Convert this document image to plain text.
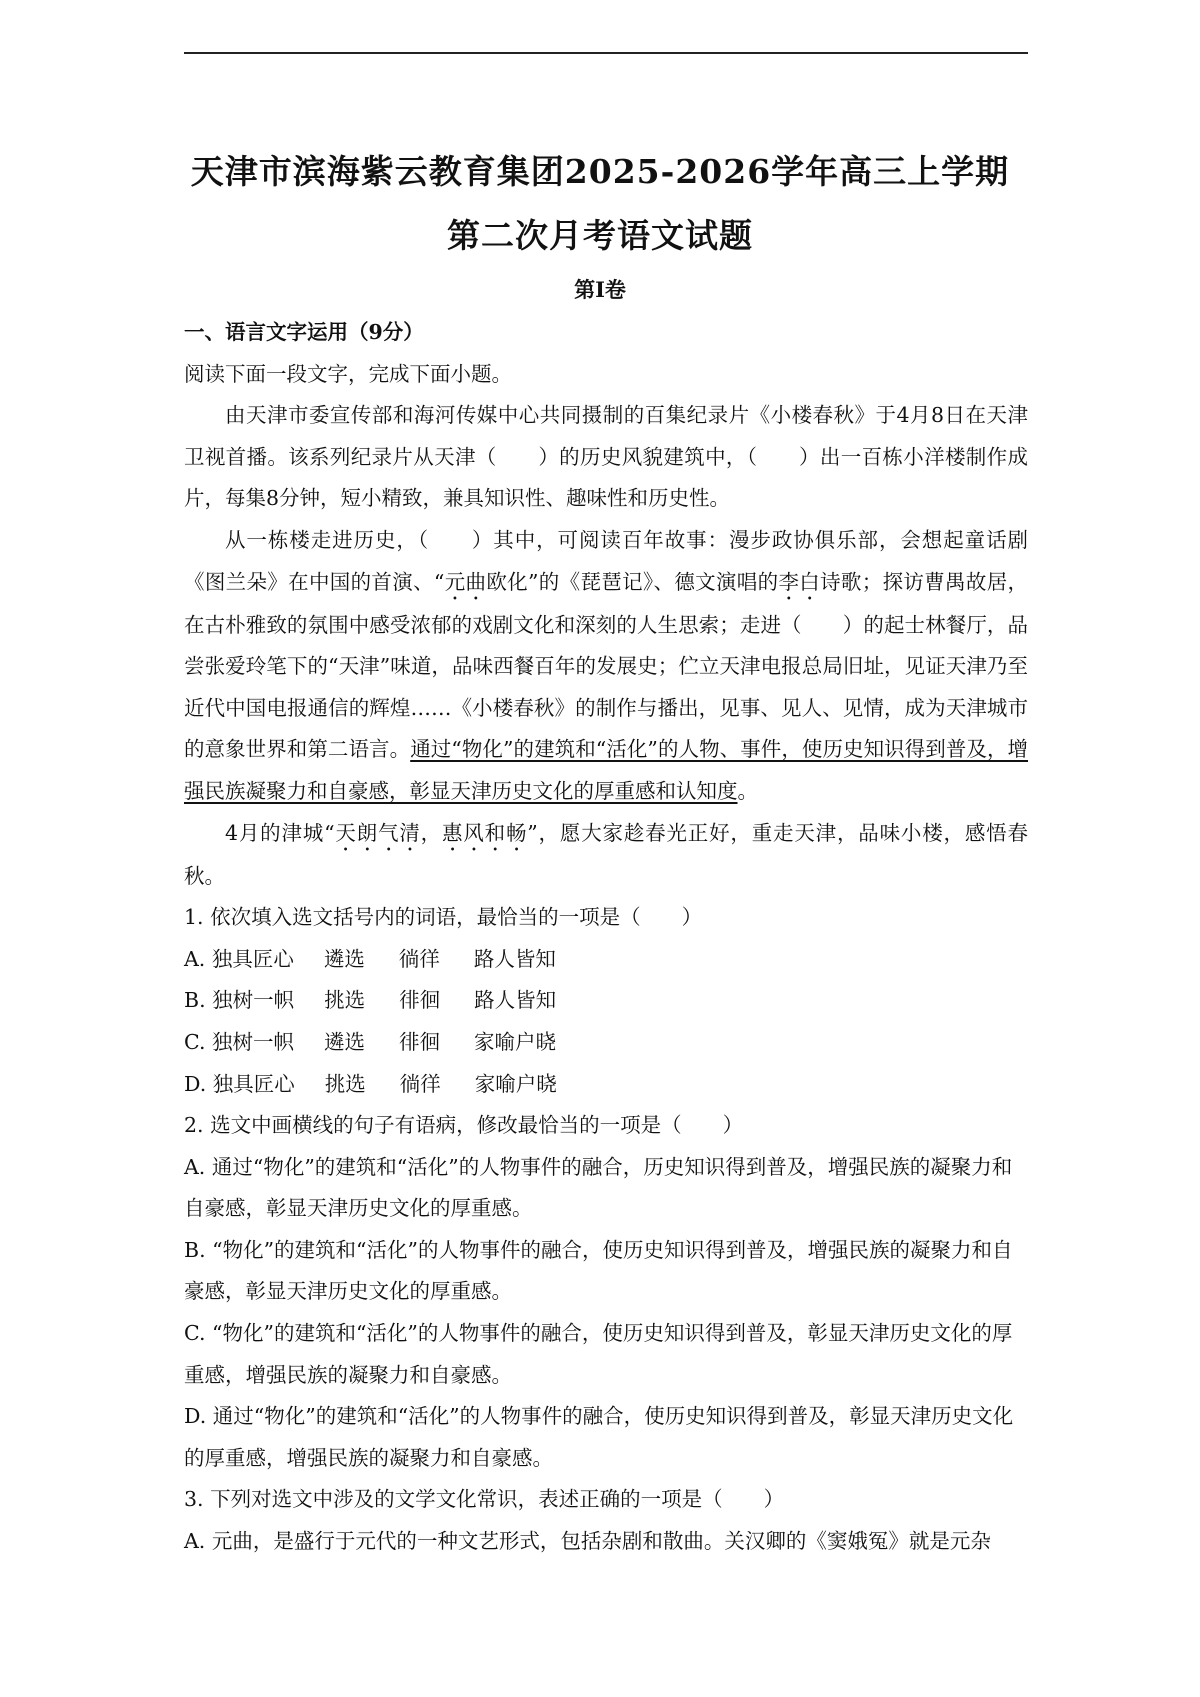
天津市滨海紫云教育集团2025-2026学年高三上学期
第二次月考语文试题
第Ⅰ卷

一、语言文字运用（9分）

阅读下面一段文字，完成下面小题。

由天津市委宣传部和海河传媒中心共同摄制的百集纪录片《小楼春秋》于4月8日在天津卫视首播。该系列纪录片从天津（　　）的历史风貌建筑中，（　　）出一百栋小洋楼制作成片，每集8分钟，短小精致，兼具知识性、趣味性和历史性。

从一栋楼走进历史，（　　）其中，可阅读百年故事：漫步政协俱乐部，会想起童话剧《图兰朵》在中国的首演、“元曲欧化”的《琵琶记》、德文演唱的李白诗歌；探访曹禺故居，在古朴雅致的氛围中感受浓郁的戏剧文化和深刻的人生思索；走进（　　）的起士林餐厅，品尝张爱玲笔下的“天津”味道，品味西餐百年的发展史；伫立天津电报总局旧址，见证天津乃至近代中国电报通信的辉煌……《小楼春秋》的制作与播出，见事、见人、见情，成为天津城市的意象世界和第二语言。通过“物化”的建筑和“活化”的人物、事件，使历史知识得到普及，增强民族凝聚力和自豪感，彰显天津历史文化的厚重感和认知度。

4月的津城“天朗气清，惠风和畅”，愿大家趁春光正好，重走天津，品味小楼，感悟春秋。

1. 依次填入选文括号内的词语，最恰当的一项是（　　）

A. 独具匠心 遴选 徜徉 路人皆知

B. 独树一帜 挑选 徘徊 路人皆知

C. 独树一帜 遴选 徘徊 家喻户晓

D. 独具匠心 挑选 徜徉 家喻户晓

2. 选文中画横线的句子有语病，修改最恰当的一项是（　　）

A. 通过“物化”的建筑和“活化”的人物事件的融合，历史知识得到普及，增强民族的凝聚力和自豪感，彰显天津历史文化的厚重感。

B. “物化”的建筑和“活化”的人物事件的融合，使历史知识得到普及，增强民族的凝聚力和自豪感，彰显天津历史文化的厚重感。

C. “物化”的建筑和“活化”的人物事件的融合，使历史知识得到普及，彰显天津历史文化的厚重感，增强民族的凝聚力和自豪感。

D. 通过“物化”的建筑和“活化”的人物事件的融合，使历史知识得到普及，彰显天津历史文化的厚重感，增强民族的凝聚力和自豪感。

3. 下列对选文中涉及的文学文化常识，表述正确的一项是（　　）

A. 元曲，是盛行于元代的一种文艺形式，包括杂剧和散曲。关汉卿的《窦娥冤》就是元杂
